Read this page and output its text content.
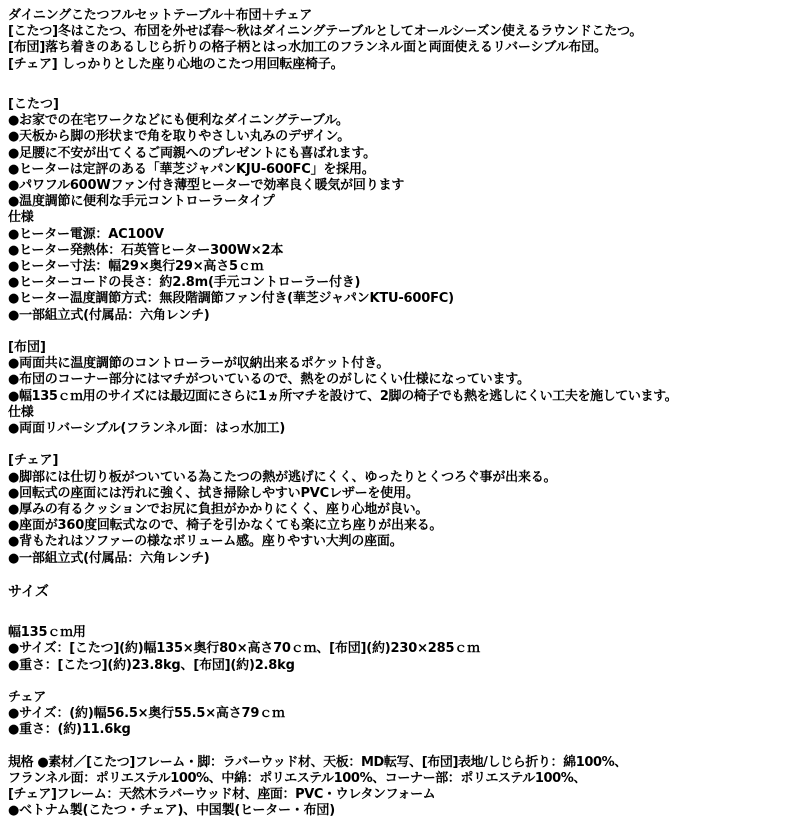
ダイニングこたつフルセットテーブル＋布団＋チェア
[こたつ]冬はこたつ、布団を外せば春～秋はダイニングテーブルとしてオールシーズン使えるラウンドこたつ。
[布団]落ち着きのあるしじら折りの格子柄とはっ水加工のフランネル面と両面使えるリバーシブル布団。
[チェア] しっかりとした座り心地のこたつ用回転座椅子。
[こたつ]
●お家での在宅ワークなどにも便利なダイニングテーブル。
●天板から脚の形状まで角を取りやさしい丸みのデザイン。
●足腰に不安が出てくるご両親へのプレゼントにも喜ばれます。
●ヒーターは定評のある「華芝ジャパンKJU-600FC」を採用。
●パワフル600Wファン付き薄型ヒーターで効率良く暖気が回ります
●温度調節に便利な手元コントローラータイプ
仕様
●ヒーター電源：AC100V
●ヒーター発熱体：石英管ヒーター300W×2本
●ヒーター寸法：幅29×奥行29×高さ5ｃｍ
●ヒーターコードの長さ：約2.8m(手元コントローラー付き)
●ヒーター温度調節方式：無段階調節ファン付き(華芝ジャパンKTU-600FC)
●一部組立式(付属品：六角レンチ)
[布団]
●両面共に温度調節のコントローラーが収納出来るポケット付き。
●布団のコーナー部分にはマチがついているので、熱をのがしにくい仕様になっています。
●幅135ｃｍ用のサイズには最辺面にさらに1ヵ所マチを設けて、2脚の椅子でも熱を逃しにくい工夫を施しています。
仕様
●両面リバーシブル(フランネル面：はっ水加工)
[チェア]
●脚部には仕切り板がついている為こたつの熱が逃げにくく、ゆったりとくつろぐ事が出来る。
●回転式の座面には汚れに強く、拭き掃除しやすいPVCレザーを使用。
●厚みの有るクッションでお尻に負担がかかりにくく、座り心地が良い。
●座面が360度回転式なので、椅子を引かなくても楽に立ち座りが出来る。
●背もたれはソファーの様なボリューム感。座りやすい大判の座面。
●一部組立式(付属品：六角レンチ)
サイズ
幅135ｃｍ用
●サイズ：[こたつ](約)幅135×奥行80×高さ70ｃｍ、[布団](約)230×285ｃｍ
●重さ：[こたつ](約)23.8kg、[布団](約)2.8kg
チェア
●サイズ：(約)幅56.5×奥行55.5×高さ79ｃｍ
●重さ：(約)11.6kg
規格 ●素材／[こたつ]フレーム・脚：ラバーウッド材、天板：MD転写、[布団]表地/しじら折り：綿100%、
フランネル面：ポリエステル100%、中綿：ポリエステル100%、コーナー部：ポリエステル100%、
[チェア]フレーム：天然木ラバーウッド材、座面：PVC・ウレタンフォーム
●ベトナム製(こたつ・チェア)、中国製(ヒーター・布団)
